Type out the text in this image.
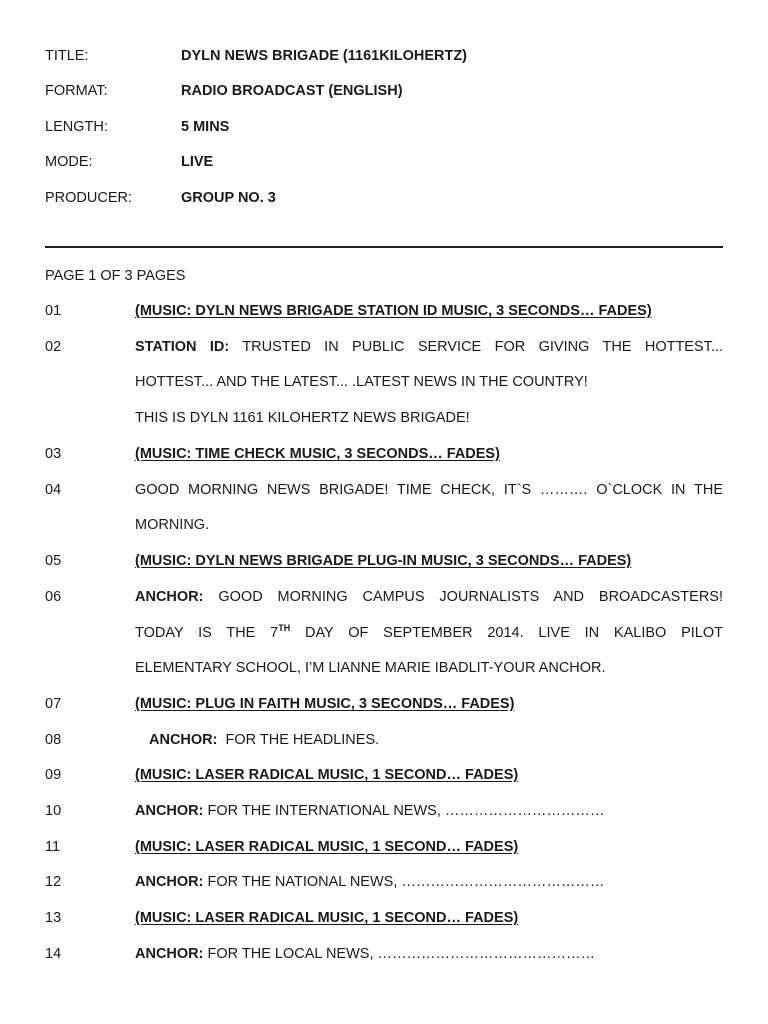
TITLE:	DYLN NEWS BRIGADE (1161KILOHERTZ)
FORMAT:	RADIO BROADCAST (ENGLISH)
LENGTH:	5 MINS
MODE:	LIVE
PRODUCER:	GROUP NO. 3
PAGE 1 OF 3 PAGES
01	(MUSIC: DYLN NEWS BRIGADE STATION ID MUSIC, 3 SECONDS… FADES)
02	STATION ID: TRUSTED IN PUBLIC SERVICE FOR GIVING THE HOTTEST...
HOTTEST... AND THE LATEST... .LATEST NEWS IN THE COUNTRY!
THIS IS DYLN 1161 KILOHERTZ NEWS BRIGADE!
03	(MUSIC: TIME CHECK MUSIC, 3 SECONDS… FADES)
04	GOOD MORNING NEWS BRIGADE! TIME CHECK, IT`S ………. O`CLOCK IN THE
MORNING.
05	(MUSIC: DYLN NEWS BRIGADE PLUG-IN MUSIC, 3 SECONDS… FADES)
06	ANCHOR: GOOD MORNING CAMPUS JOURNALISTS AND BROADCASTERS!
TODAY IS THE 7TH DAY OF SEPTEMBER 2014. LIVE IN KALIBO PILOT
ELEMENTARY SCHOOL, I’M LIANNE MARIE IBADLIT-YOUR ANCHOR.
07	(MUSIC: PLUG IN FAITH MUSIC, 3 SECONDS… FADES)
08	ANCHOR: FOR THE HEADLINES.
09	(MUSIC: LASER RADICAL MUSIC, 1 SECOND… FADES)
10	ANCHOR: FOR THE INTERNATIONAL NEWS, ……………………………
11	(MUSIC: LASER RADICAL MUSIC, 1 SECOND… FADES)
12	ANCHOR: FOR THE NATIONAL NEWS, ……………………………………
13	(MUSIC: LASER RADICAL MUSIC, 1 SECOND… FADES)
14	ANCHOR: FOR THE LOCAL NEWS, ………………………………………
